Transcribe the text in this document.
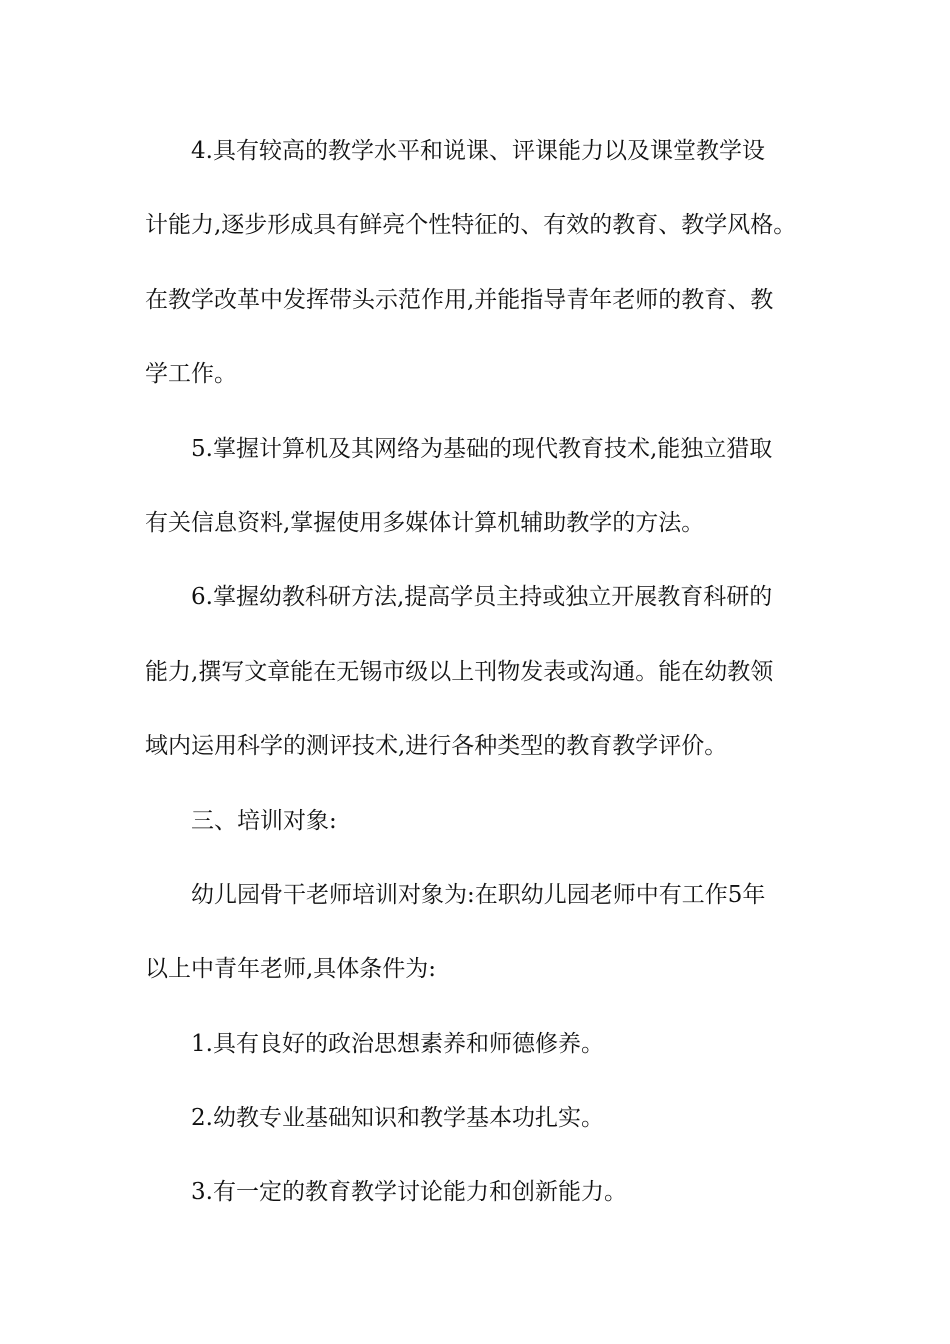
4.具有较高的教学水平和说课、评课能力以及课堂教学设
计能力,逐步形成具有鲜亮个性特征的、有效的教育、教学风格。
在教学改革中发挥带头示范作用,并能指导青年老师的教育、教
学工作。
5.掌握计算机及其网络为基础的现代教育技术,能独立猎取
有关信息资料,掌握使用多媒体计算机辅助教学的方法。
6.掌握幼教科研方法,提高学员主持或独立开展教育科研的
能力,撰写文章能在无锡市级以上刊物发表或沟通。能在幼教领
域内运用科学的测评技术,进行各种类型的教育教学评价。
三、培训对象:
幼儿园骨干老师培训对象为:在职幼儿园老师中有工作5年
以上中青年老师,具体条件为:
1.具有良好的政治思想素养和师德修养。
2.幼教专业基础知识和教学基本功扎实。
3.有一定的教育教学讨论能力和创新能力。
